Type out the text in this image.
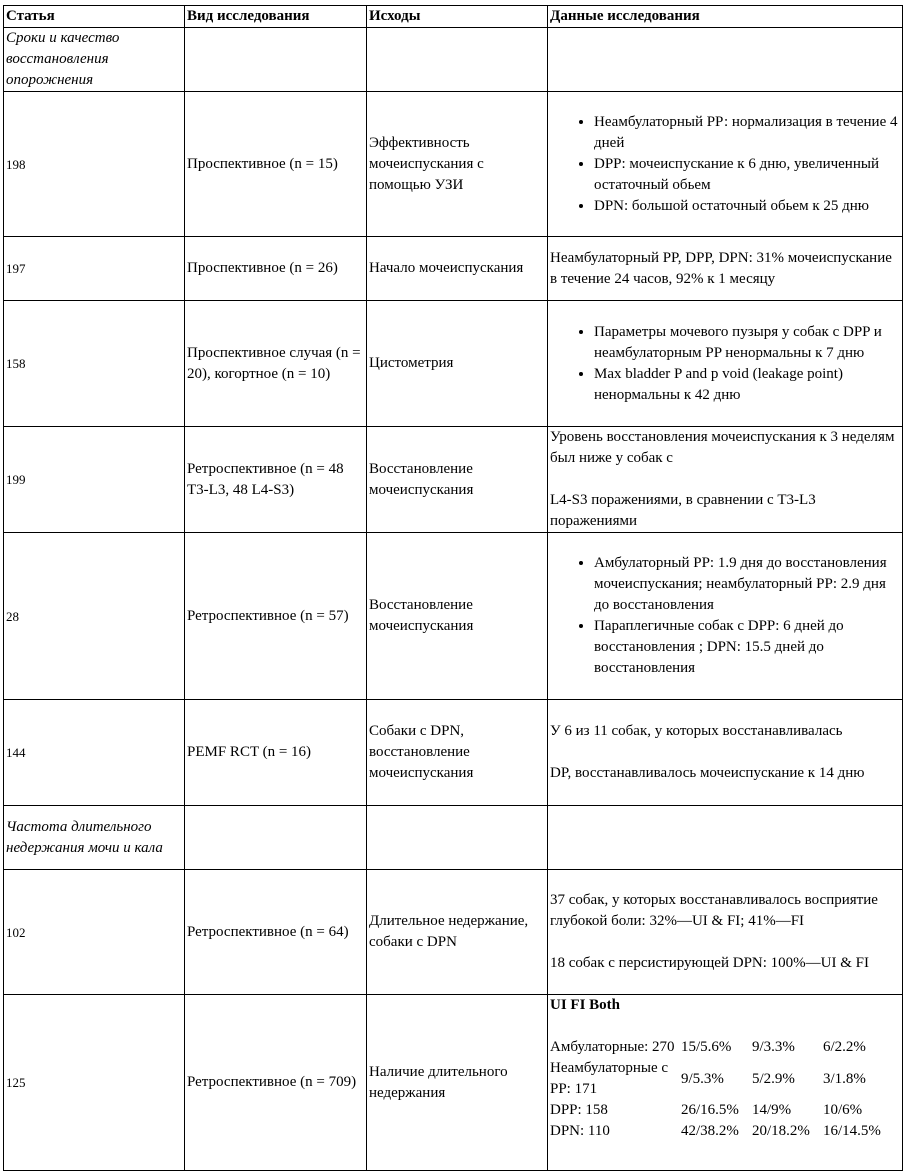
Статья	Вид исследования	Исходы	Данные исследования
Сроки и качество восстановления опорожнения			
198	Проспективное (n = 15)	Эффективность мочеиспускания с помощью УЗИ	
• Неамбулаторный РР: нормализация в течение 4 дней
• DPP: мочеиспускание к 6 дню, увеличенный остаточный обьем
• DPN: большой остаточный обьем к 25 дню

197	Проспективное (n = 26)	Начало мочеиспускания	Неамбулаторный PP, DPP, DPN: 31% мочеиспускание в течение 24 часов, 92% к 1 месяцу
158	Проспективное случая (n = 20), когортное (n = 10)	Цистометрия	
• Параметры мочевого пузыря у собак с DPP и неамбулаторным PP ненормальны к 7 дню
• Max bladder P and p void (leakage point) ненормальны к 42 дню

199	Ретроспективное (n = 48 T3-L3, 48 L4-S3)	Восстановление мочеиспускания	

Уровень восстановления мочеиспускания к 3 неделям был ниже у собак с

L4-S3 поражениями, в сравнении с T3-L3 поражениями

28	Ретроспективное (n = 57)	Восстановление мочеиспускания	
• Амбулаторный PP: 1.9 дня до восстановления мочеиспускания; неамбулаторный PP: 2.9 дня до восстановления
• Параплегичные собак с DPP: 6 дней до восстановления ; DPN: 15.5 дней до восстановления

144	PEMF RCT (n = 16)	Собаки с DPN, восстановление мочеиспускания	

У 6 из 11 собак, у которых восстанавливалась

DP, восстанавливалось мочеиспускание к 14 дню

Частота длительного недержания мочи и кала			
102	Ретроспективное (n = 64)	Длительное недержание, собаки с DPN	

37 собак, у которых восстанавливалось восприятие глубокой боли: 32%—UI & FI; 41%—FI

18 собак с персистирующей DPN: 100%—UI & FI

125	Ретроспективное (n = 709)	Наличие длительного недержания	
UI FI Both
Амбулаторные: 270	15/5.6%	9/3.3%	6/2.2%
Неамбулаторные с PP: 171	9/5.3%	5/2.9%	3/1.8%
DPP: 158	26/16.5%	14/9%	10/6%
DPN: 110	42/38.2%	20/18.2%	16/14.5%
